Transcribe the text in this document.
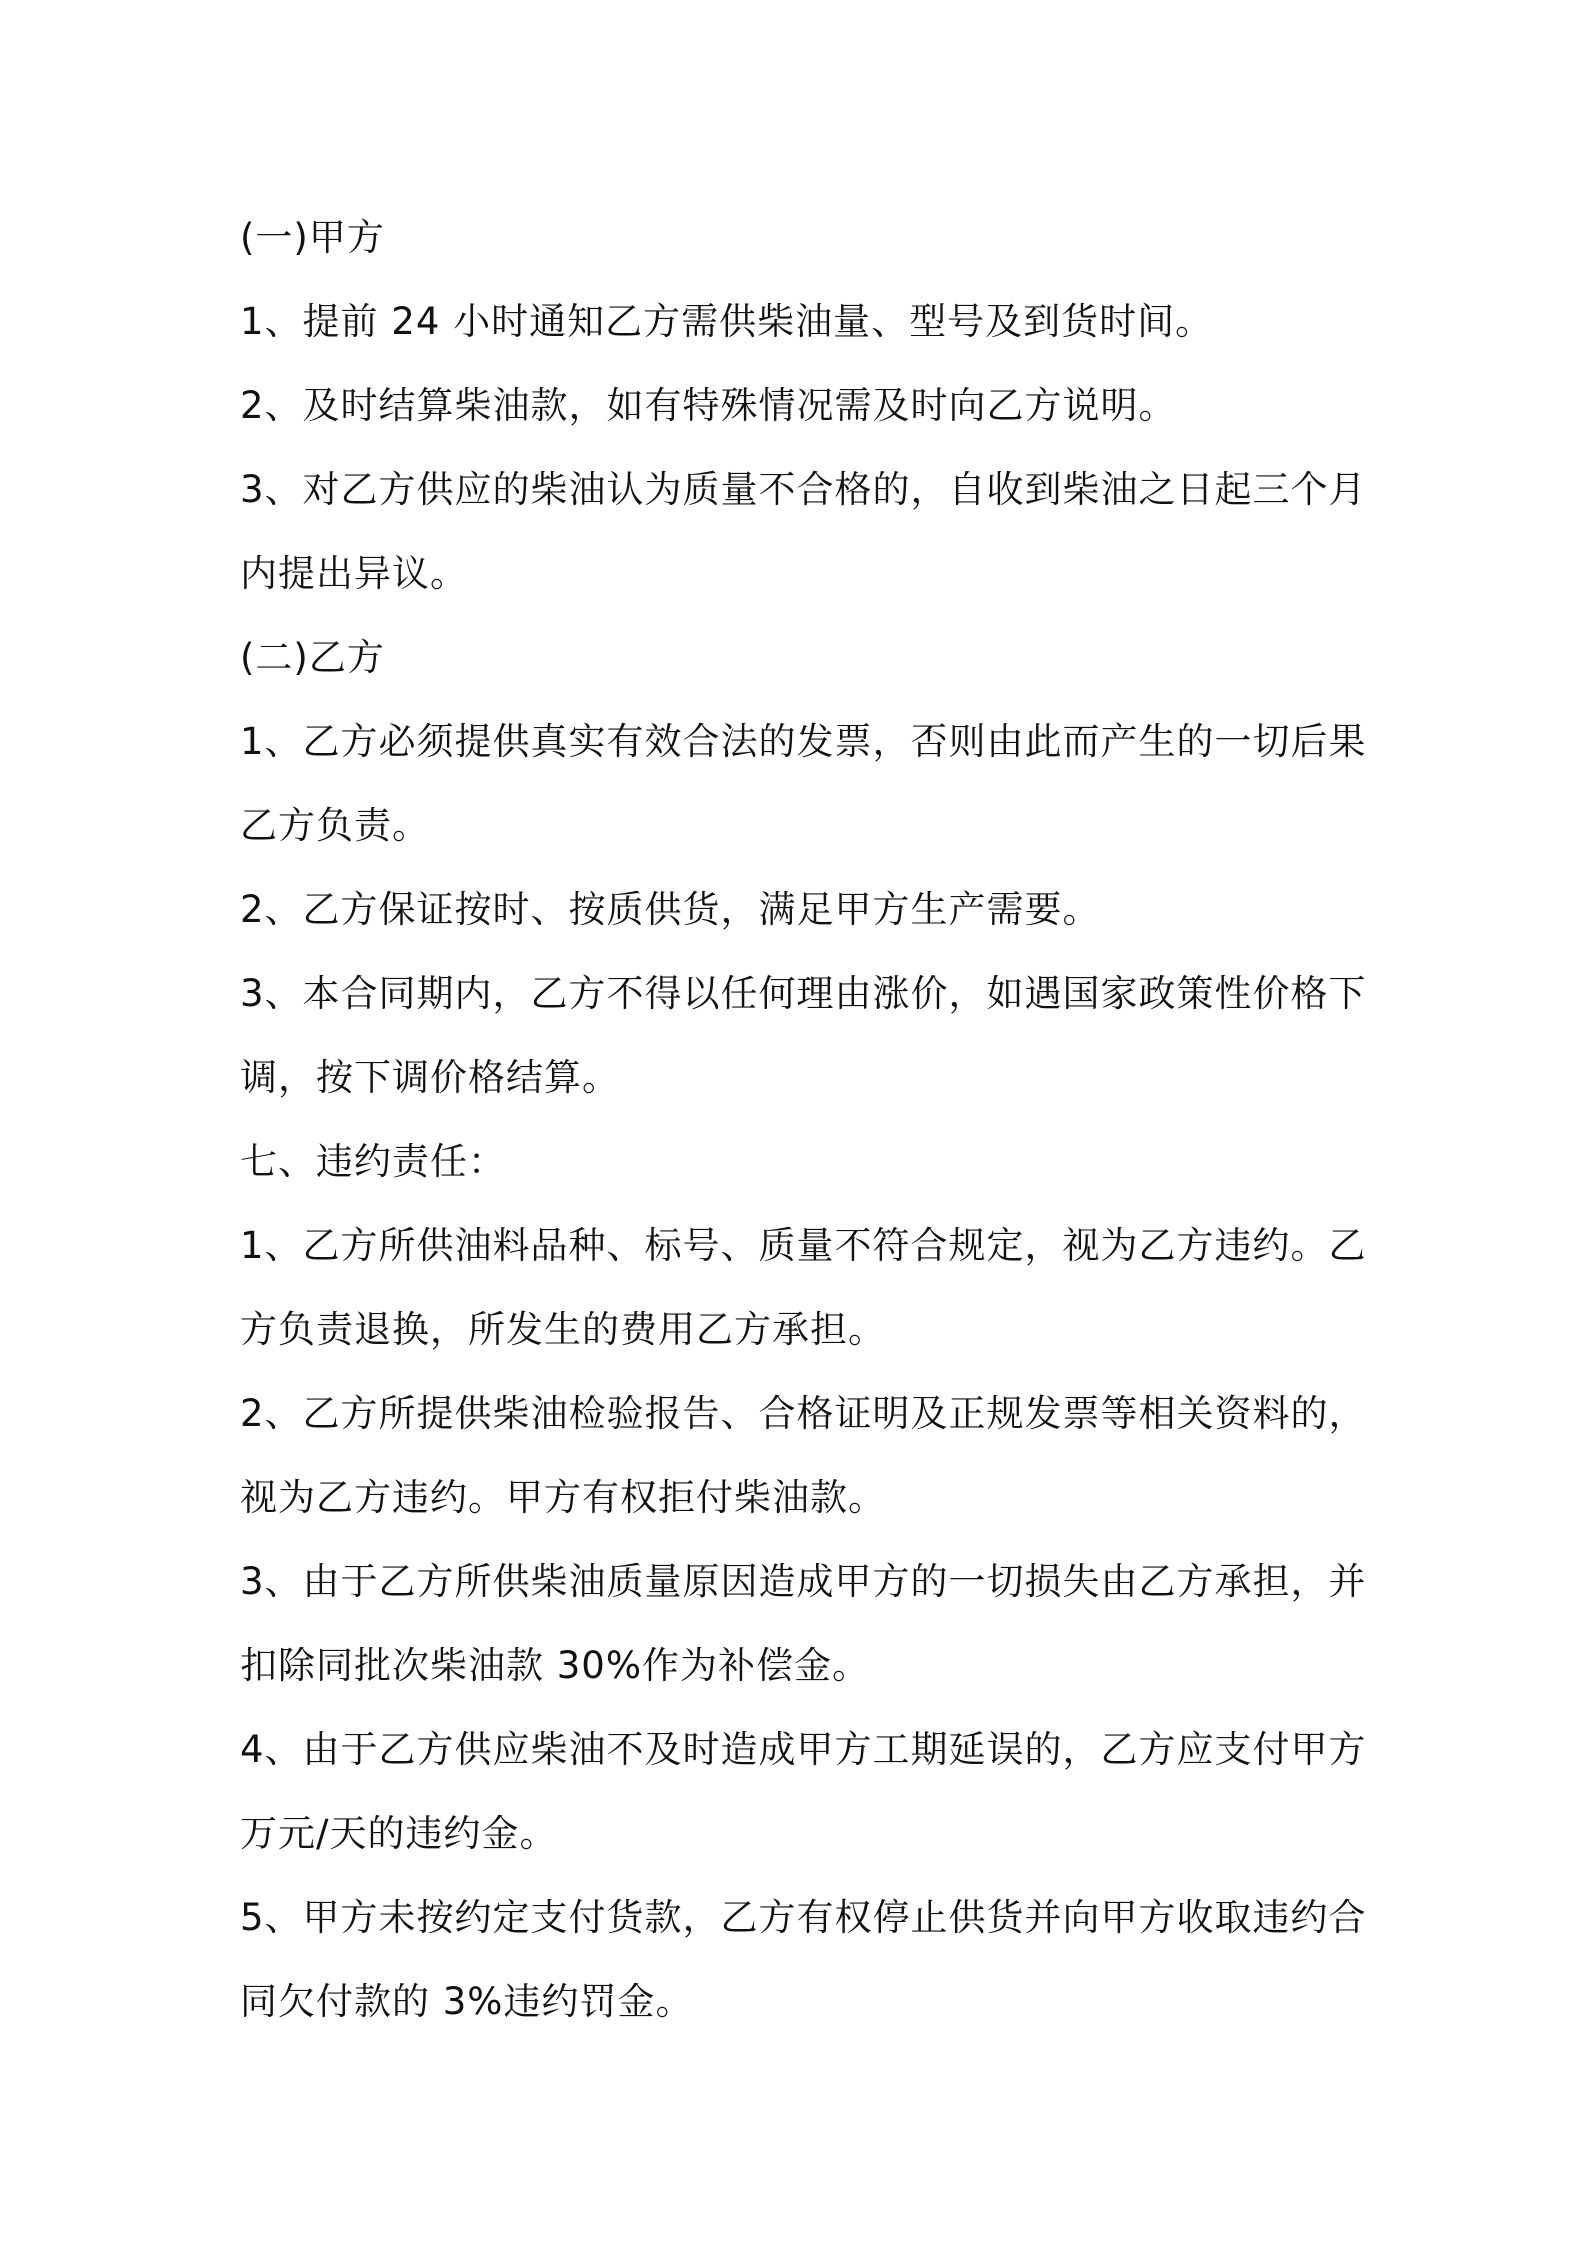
(一)甲方

1、提前 24 小时通知乙方需供柴油量、型号及到货时间。

2、及时结算柴油款，如有特殊情况需及时向乙方说明。

3、对乙方供应的柴油认为质量不合格的，自收到柴油之日起三个月

内提出异议。

(二)乙方

1、乙方必须提供真实有效合法的发票，否则由此而产生的一切后果

乙方负责。

2、乙方保证按时、按质供货，满足甲方生产需要。

3、本合同期内，乙方不得以任何理由涨价，如遇国家政策性价格下

调，按下调价格结算。

七、违约责任：

1、乙方所供油料品种、标号、质量不符合规定，视为乙方违约。乙

方负责退换，所发生的费用乙方承担。

2、乙方所提供柴油检验报告、合格证明及正规发票等相关资料的，

视为乙方违约。甲方有权拒付柴油款。

3、由于乙方所供柴油质量原因造成甲方的一切损失由乙方承担，并

扣除同批次柴油款 30%作为补偿金。

4、由于乙方供应柴油不及时造成甲方工期延误的，乙方应支付甲方

万元/天的违约金。

5、甲方未按约定支付货款，乙方有权停止供货并向甲方收取违约合

同欠付款的 3%违约罚金。
